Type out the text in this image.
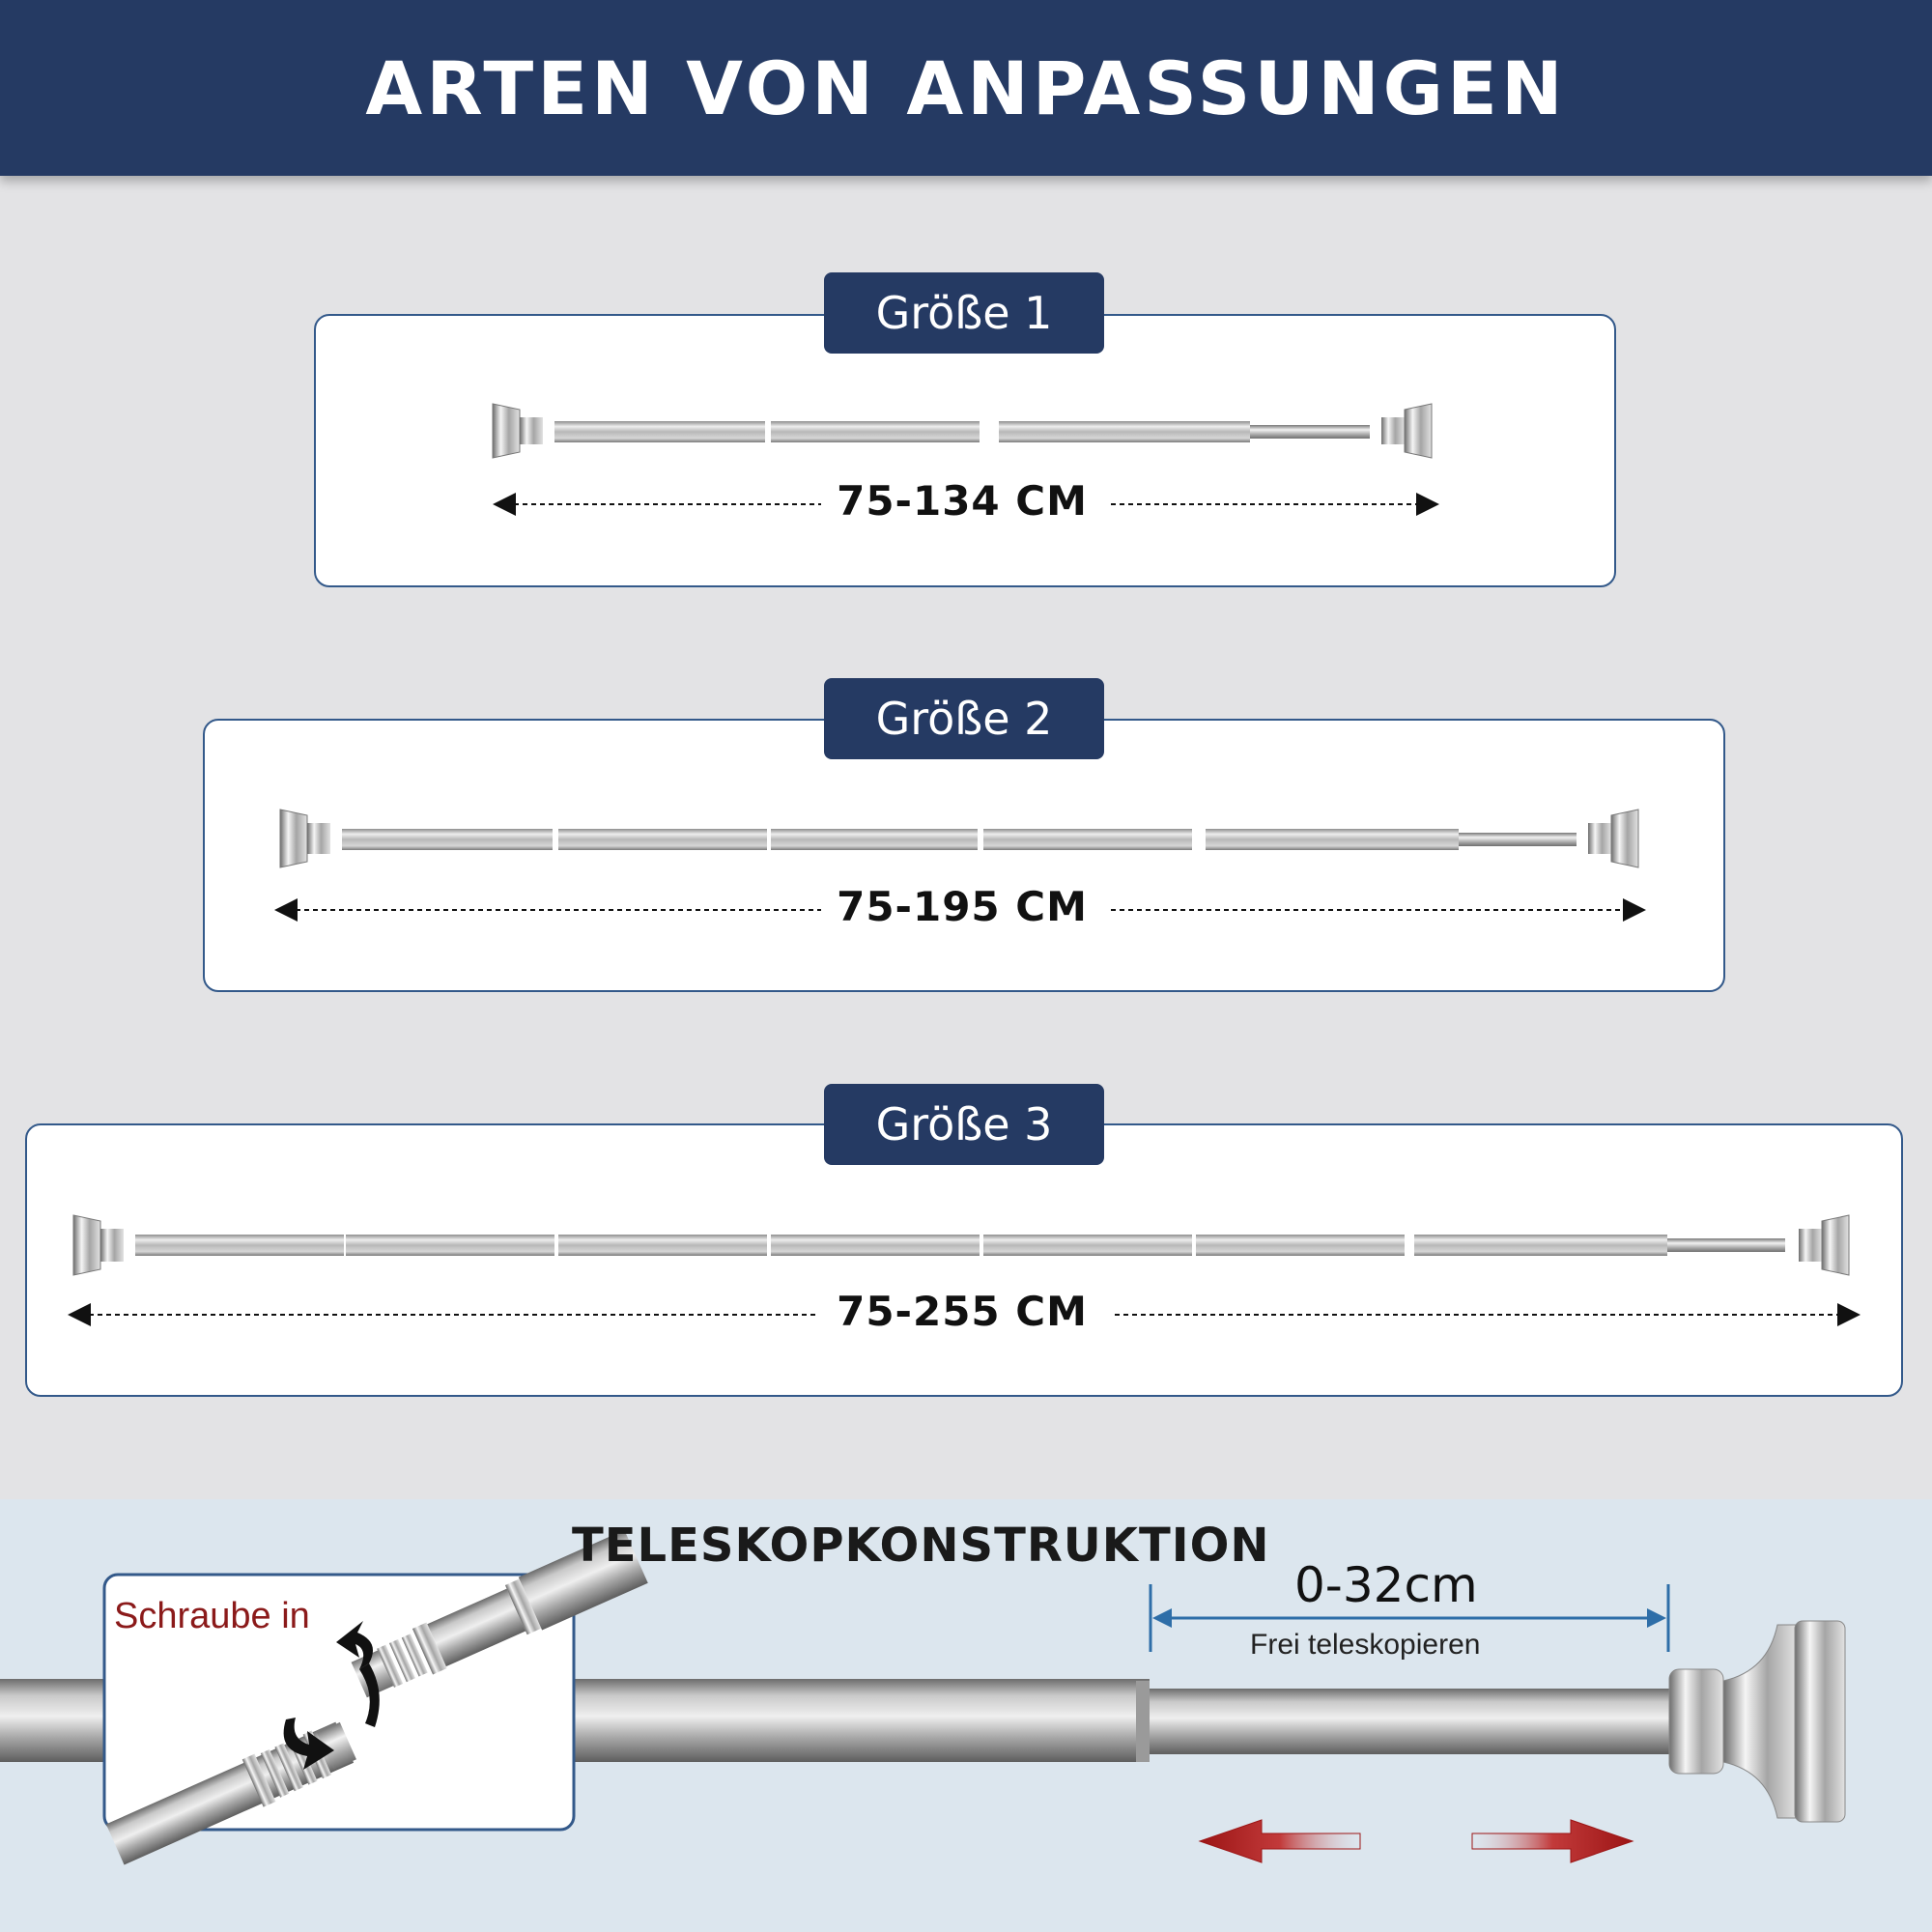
ARTEN VON ANPASSUNGEN
Größe 1
Größe 2
Größe 3
75-134 CM
75-195 CM
75-255 CM
TELESKOPKONSTRUKTION
0-32cm
Frei teleskopieren
Schraube in
